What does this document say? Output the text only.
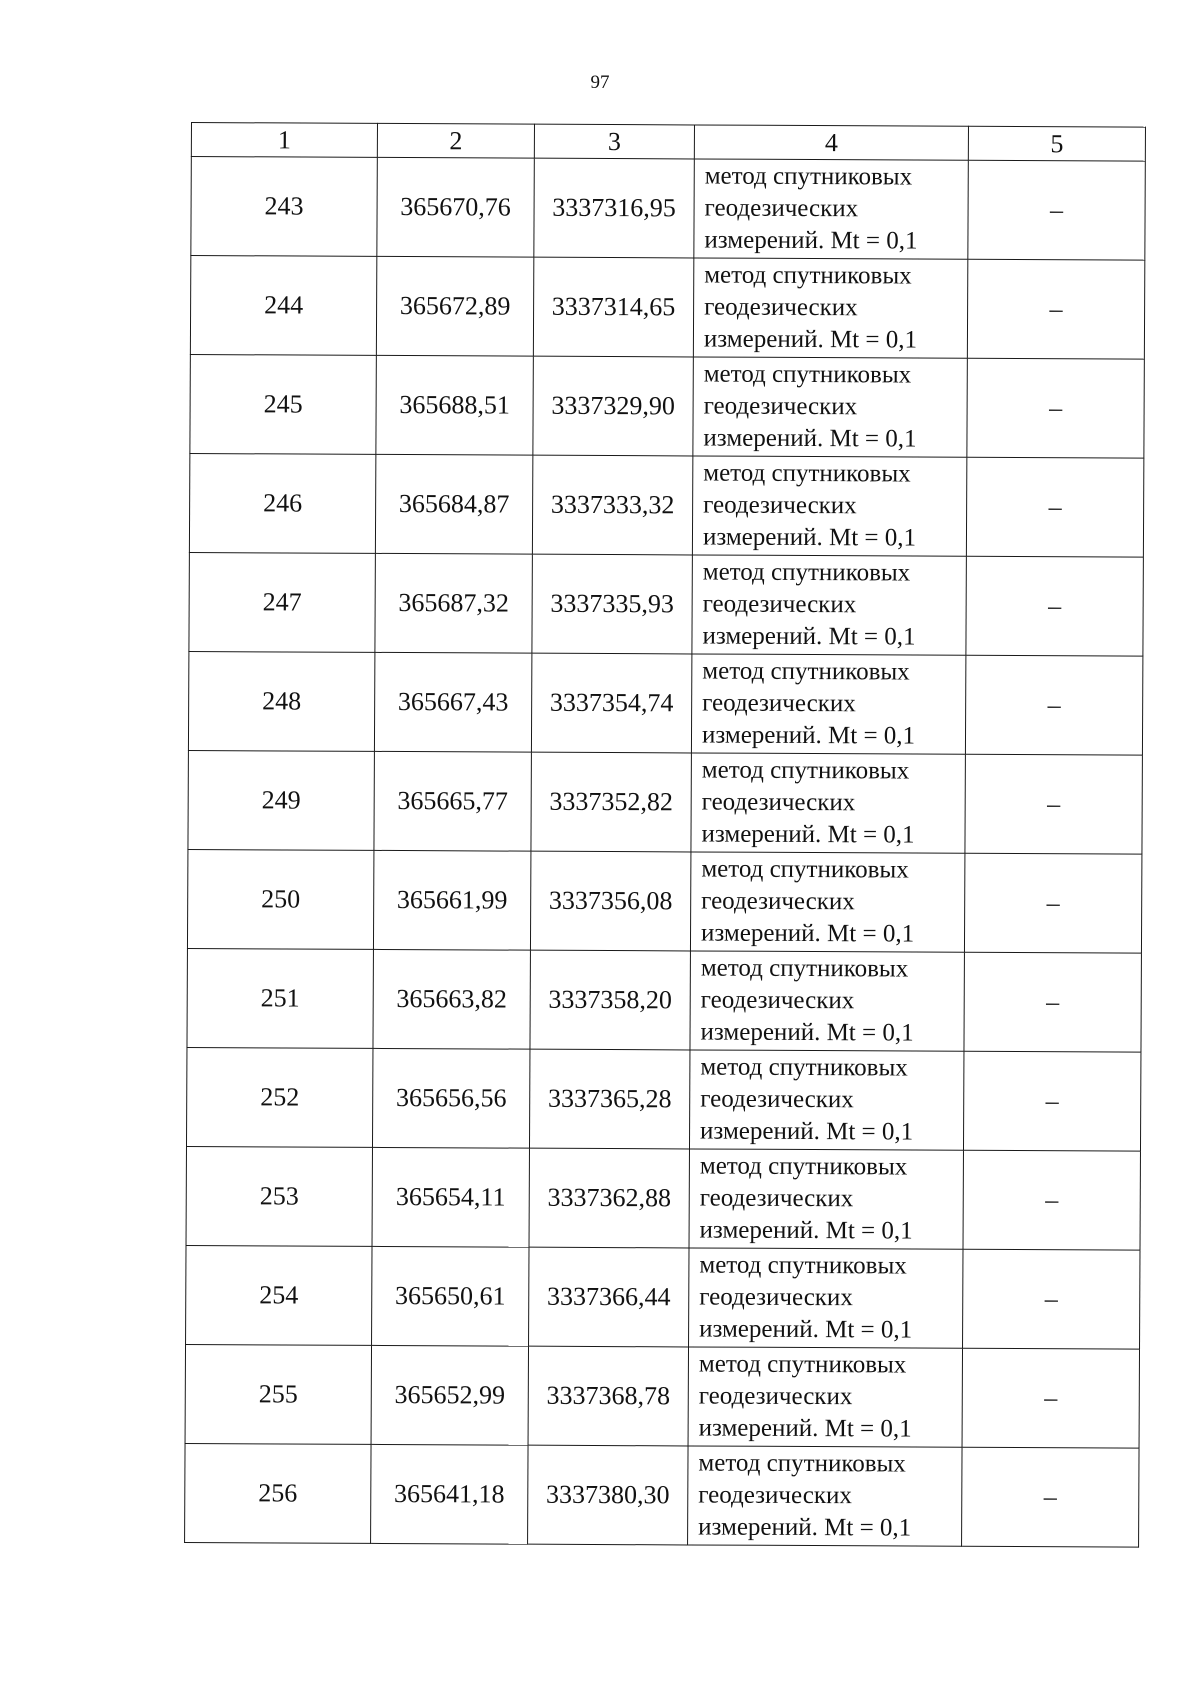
97
1	2	3	4	5
243	365670,76	3337316,95	метод спутниковых
геодезических
измерений. Mt = 0,1	–
244	365672,89	3337314,65	метод спутниковых
геодезических
измерений. Mt = 0,1	–
245	365688,51	3337329,90	метод спутниковых
геодезических
измерений. Mt = 0,1	–
246	365684,87	3337333,32	метод спутниковых
геодезических
измерений. Mt = 0,1	–
247	365687,32	3337335,93	метод спутниковых
геодезических
измерений. Mt = 0,1	–
248	365667,43	3337354,74	метод спутниковых
геодезических
измерений. Mt = 0,1	–
249	365665,77	3337352,82	метод спутниковых
геодезических
измерений. Mt = 0,1	–
250	365661,99	3337356,08	метод спутниковых
геодезических
измерений. Mt = 0,1	–
251	365663,82	3337358,20	метод спутниковых
геодезических
измерений. Mt = 0,1	–
252	365656,56	3337365,28	метод спутниковых
геодезических
измерений. Mt = 0,1	–
253	365654,11	3337362,88	метод спутниковых
геодезических
измерений. Mt = 0,1	–
254	365650,61	3337366,44	метод спутниковых
геодезических
измерений. Mt = 0,1	–
255	365652,99	3337368,78	метод спутниковых
геодезических
измерений. Mt = 0,1	–
256	365641,18	3337380,30	метод спутниковых
геодезических
измерений. Mt = 0,1	–
